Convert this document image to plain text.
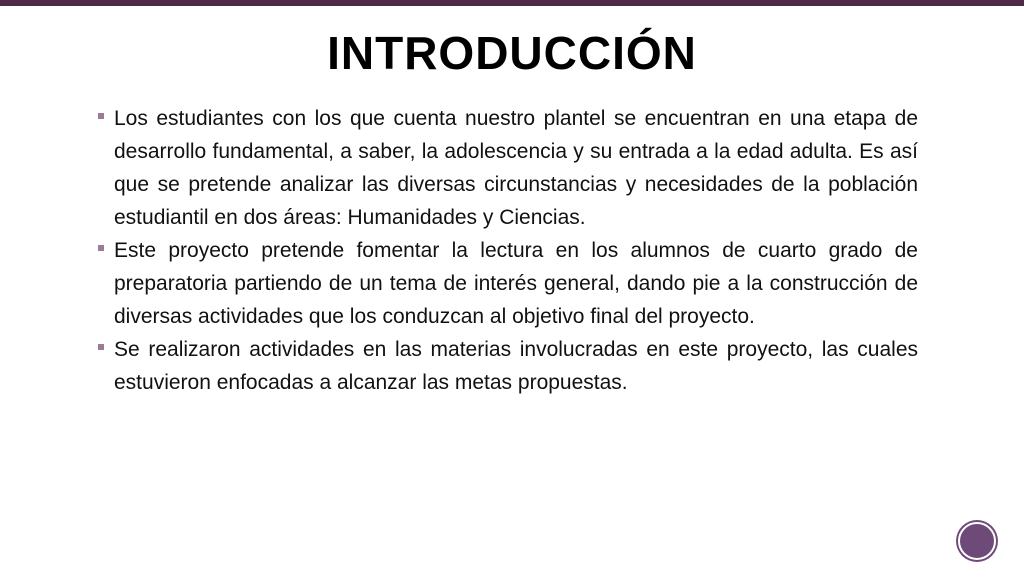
INTRODUCCIÓN
Los estudiantes con los que cuenta nuestro plantel se encuentran en una etapa de desarrollo fundamental, a saber, la adolescencia y su entrada a la edad adulta. Es así que se pretende analizar las diversas circunstancias y necesidades de la población estudiantil en dos áreas: Humanidades y Ciencias.
Este proyecto pretende fomentar la lectura en los alumnos de cuarto grado de preparatoria partiendo de un tema de interés general, dando pie a la construcción de diversas actividades que los conduzcan al objetivo final del proyecto.
Se realizaron actividades en las materias involucradas en este proyecto, las cuales estuvieron enfocadas a alcanzar las metas propuestas.
